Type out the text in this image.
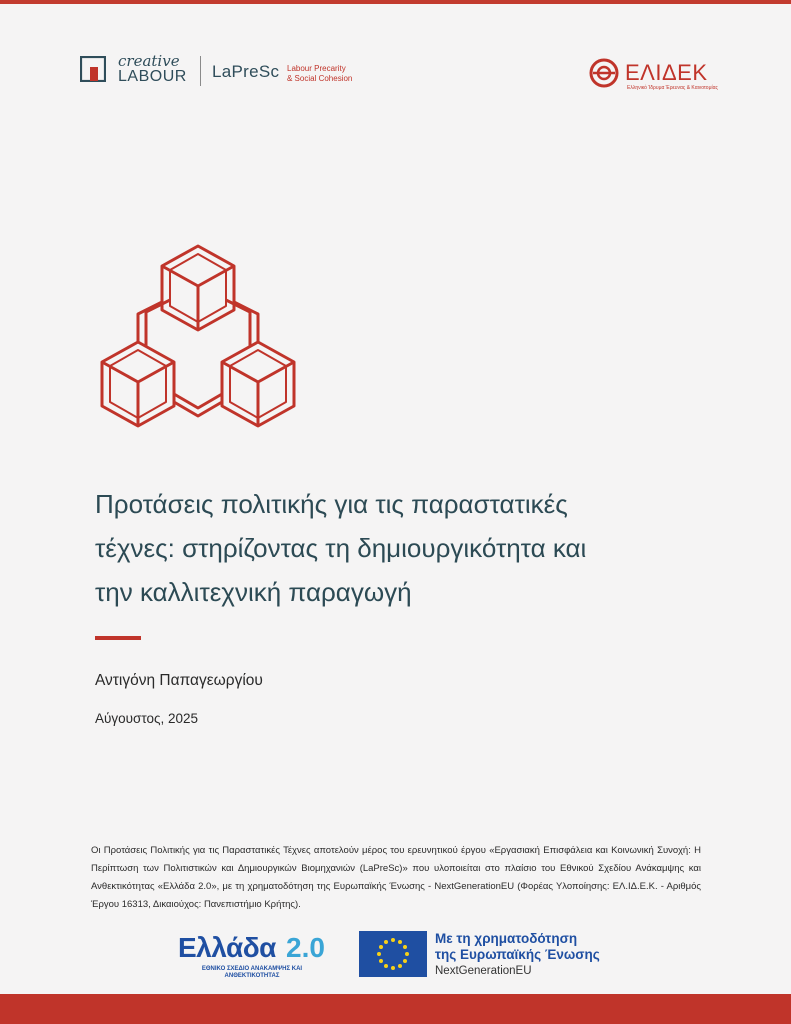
creative
LABOUR LaPreSc Labour Precarity
& Social Cohesion	ΕΛΙΔΕΚ
Ελληνικό Ίδρυμα Έρευνας & Καινοτομίας
Προτάσεις πολιτικής για τις παραστατικές
τέχνες: στηρίζοντας τη δημιουργικότητα και
την καλλιτεχνική παραγωγή
Αντιγόνη Παπαγεωργίου
Αύγουστος, 2025

Οι Προτάσεις Πολιτικής για τις Παραστατικές Τέχνες αποτελούν μέρος του ερευνητικού έργου «Εργασιακή Επισφάλεια και Κοινωνική Συνοχή: Η Περίπτωση των Πολιτιστικών και Δημιουργικών Βιομηχανιών (LaPreSc)» που υλοποιείται στο πλαίσιο του Εθνικού Σχεδίου Ανάκαμψης και Ανθεκτικότητας «Ελλάδα 2.0», με τη χρηματοδότηση της Ευρωπαϊκής Ένωσης - NextGenerationEU (Φορέας Υλοποίησης: ΕΛ.ΙΔ.Ε.Κ. - Αριθμός Έργου 16313, Δικαιούχος: Πανεπιστήμιο Κρήτης).

Ελλάδα 2.0
ΕΘΝΙΚΟ ΣΧΕΔΙΟ ΑΝΑΚΑΜΨΗΣ ΚΑΙ ΑΝΘΕΚΤΙΚΟΤΗΤΑΣ
Με τη χρηματοδότηση
της Ευρωπαϊκής Ένωσης
NextGenerationEU
